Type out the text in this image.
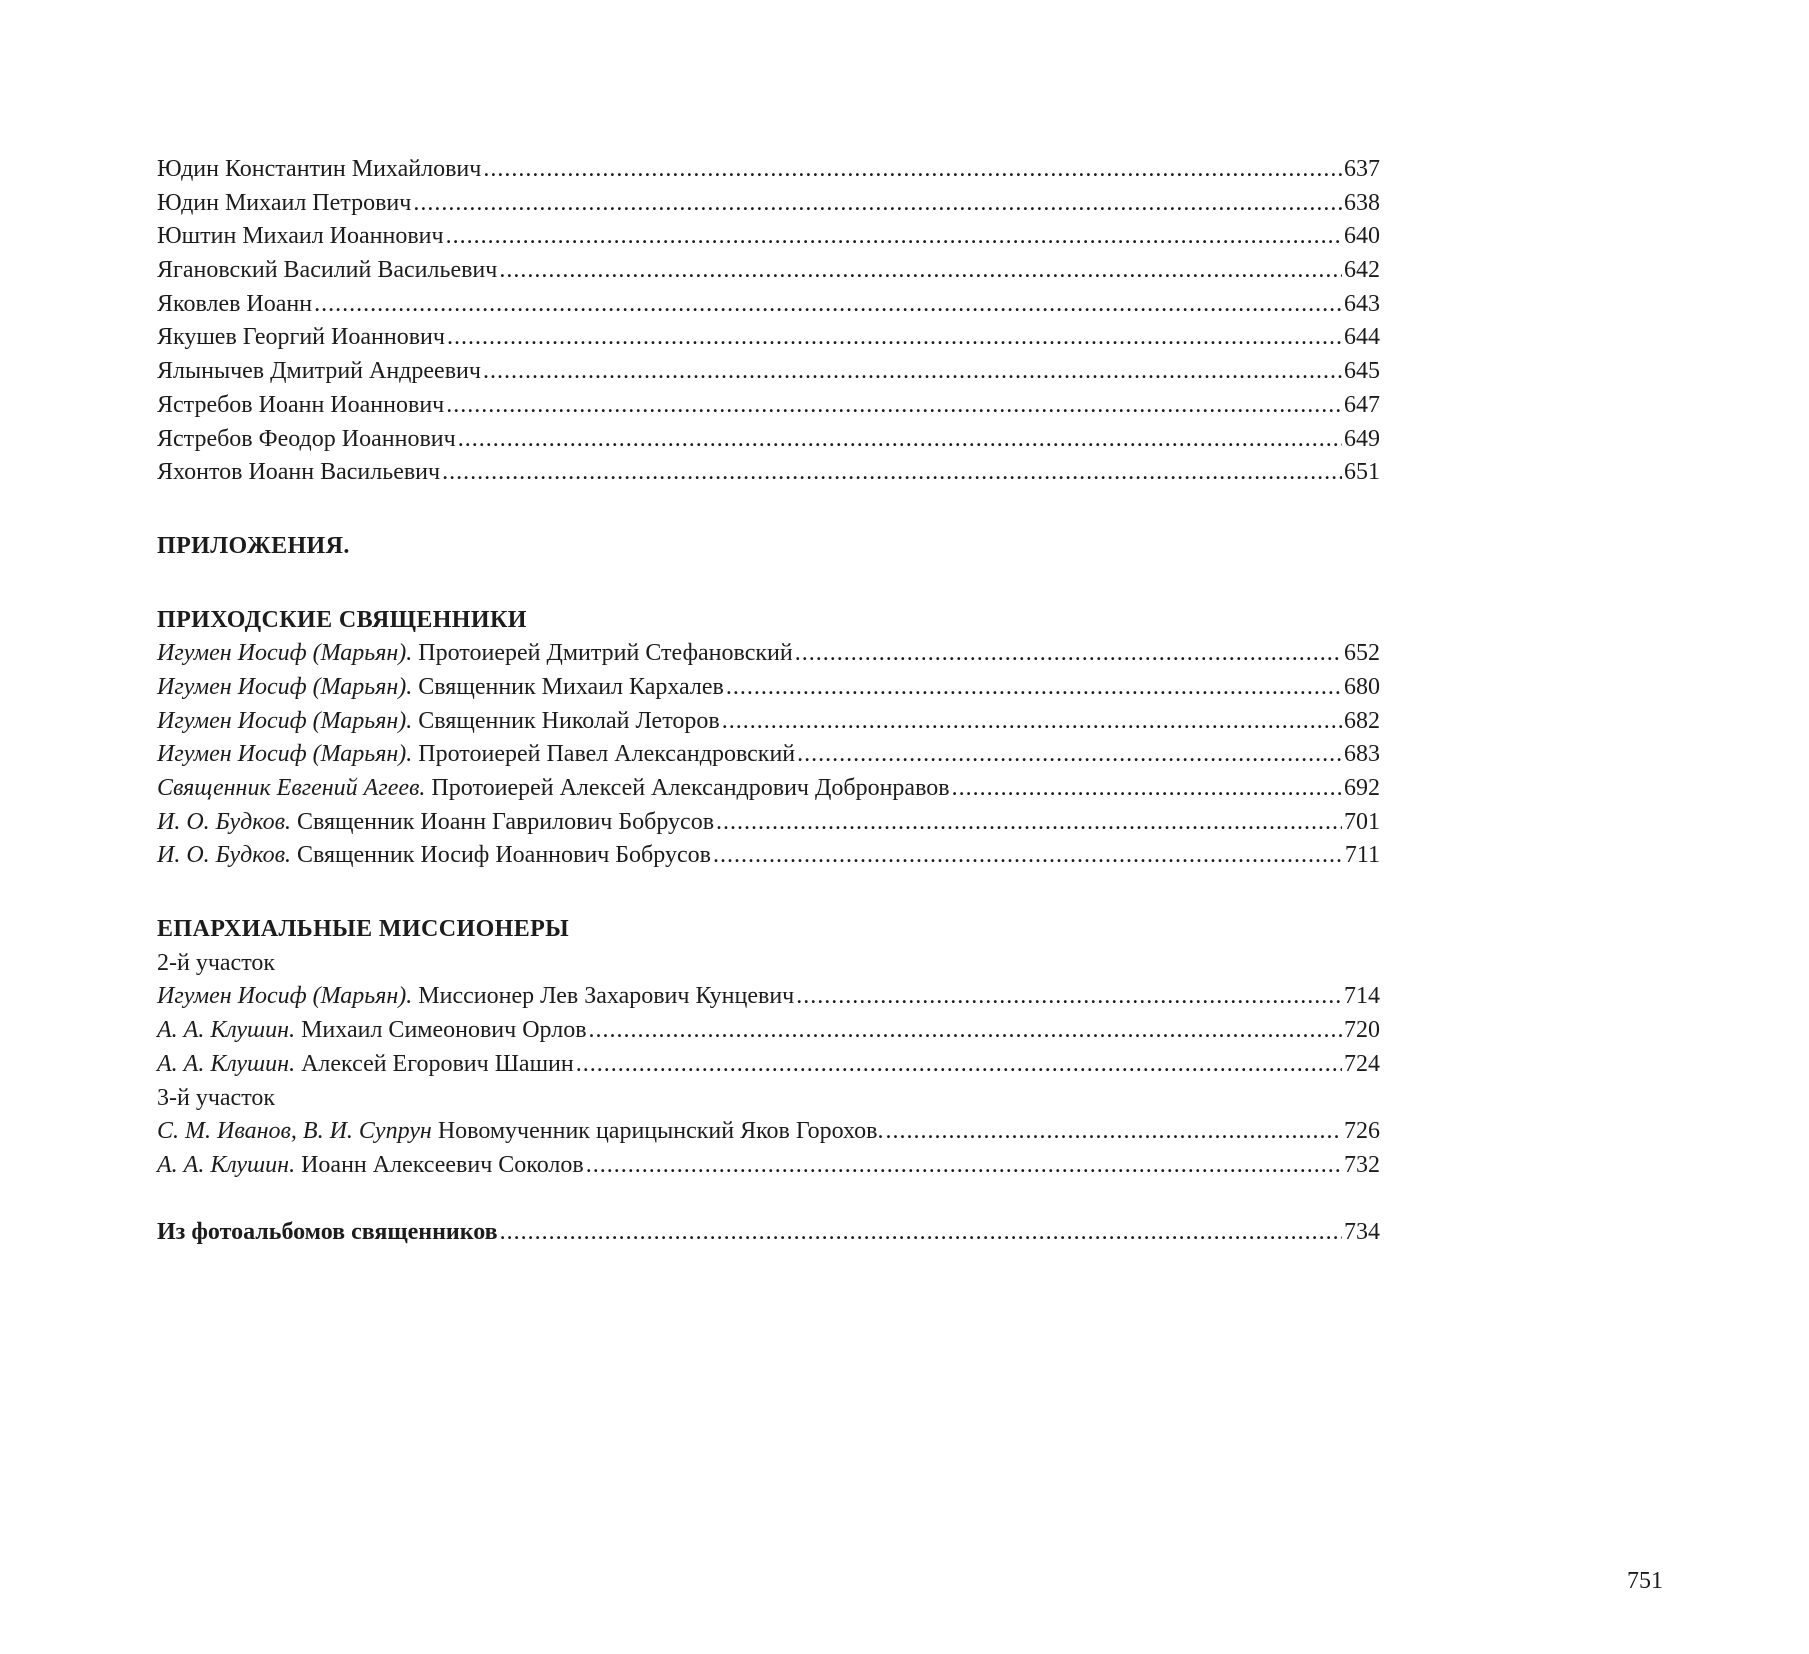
Юдин Константин Михайлович .....	637
Юдин Михаил Петрович .....	638
Юштин Михаил Иоаннович .....	640
Ягановский Василий Васильевич .....	642
Яковлев Иоанн .....	643
Якушев Георгий Иоаннович .....	644
Ялынычев Дмитрий Андреевич .....	645
Ястребов Иоанн Иоаннович .....	647
Ястребов Феодор Иоаннович .....	649
Яхонтов Иоанн Васильевич .....	651
ПРИЛОЖЕНИЯ.
ПРИХОДСКИЕ СВЯЩЕННИКИ
Игумен Иосиф (Марьян). Протоиерей Дмитрий Стефановский .....	652
Игумен Иосиф (Марьян). Священник Михаил Кархалев .....	680
Игумен Иосиф (Марьян). Священник Николай Леторов .....	682
Игумен Иосиф (Марьян). Протоиерей Павел Александровский .....	683
Священник Евгений Агеев. Протоиерей Алексей Александрович Добронравов .....	692
И. О. Будков. Священник Иоанн Гаврилович Бобрусов .....	701
И. О. Будков. Священник Иосиф Иоаннович Бобрусов .....	711
ЕПАРХИАЛЬНЫЕ МИССИОНЕРЫ
2-й участок
Игумен Иосиф (Марьян). Миссионер Лев Захарович Кунцевич .....	714
А. А. Клушин. Михаил Симеонович Орлов .....	720
А. А. Клушин. Алексей Егорович Шашин .....	724
3-й участок
С. М. Иванов, В. И. Супрун Новомученник царицынский Яков Горохов. .....	726
А. А. Клушин. Иоанн Алексеевич Соколов .....	732
Из фотоальбомов священников .....	734
751
